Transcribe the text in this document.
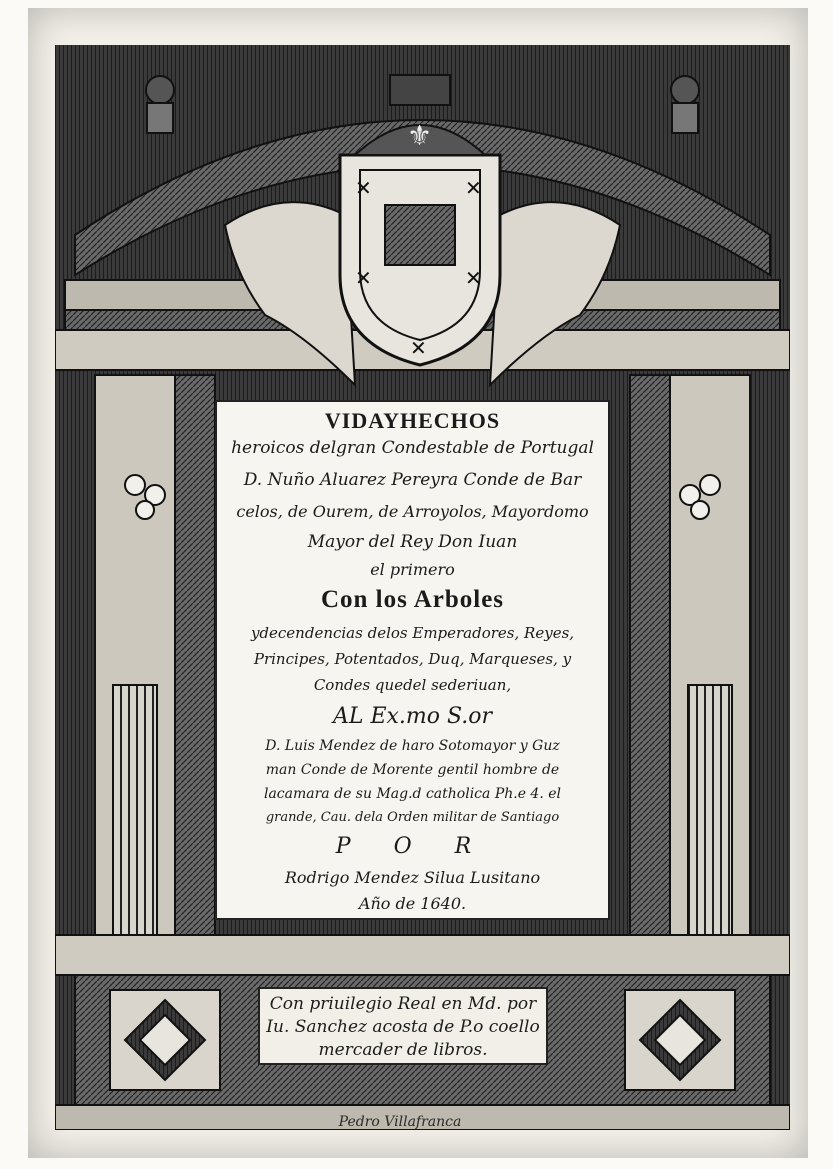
✕	✕
✕	✕
✕
⚜
VIDAYHECHOS
heroicos delgran Condestable de Portugal
D. Nuño Aluarez Pereyra Conde de Bar
celos, de Ourem, de Arroyolos, Mayordomo
Mayor del Rey Don Iuan
el primero
Con los Arboles
ydecendencias delos Emperadores, Reyes,
Principes, Potentados, Duq, Marqueses, y
Condes quedel sederiuan,
AL Ex.mo S.or
D. Luis Mendez de haro Sotomayor y Guz
man Conde de Morente gentil hombre de
lacamara de su Mag.d catholica Ph.e 4. el
grande, Cau. dela Orden militar de Santiago
P O R
Rodrigo Mendez Silua Lusitano
Año de 1640.
Con priuilegio Real en Md. por
Iu. Sanchez acosta de P.o coello
mercader de libros.
Pedro Villafranca
